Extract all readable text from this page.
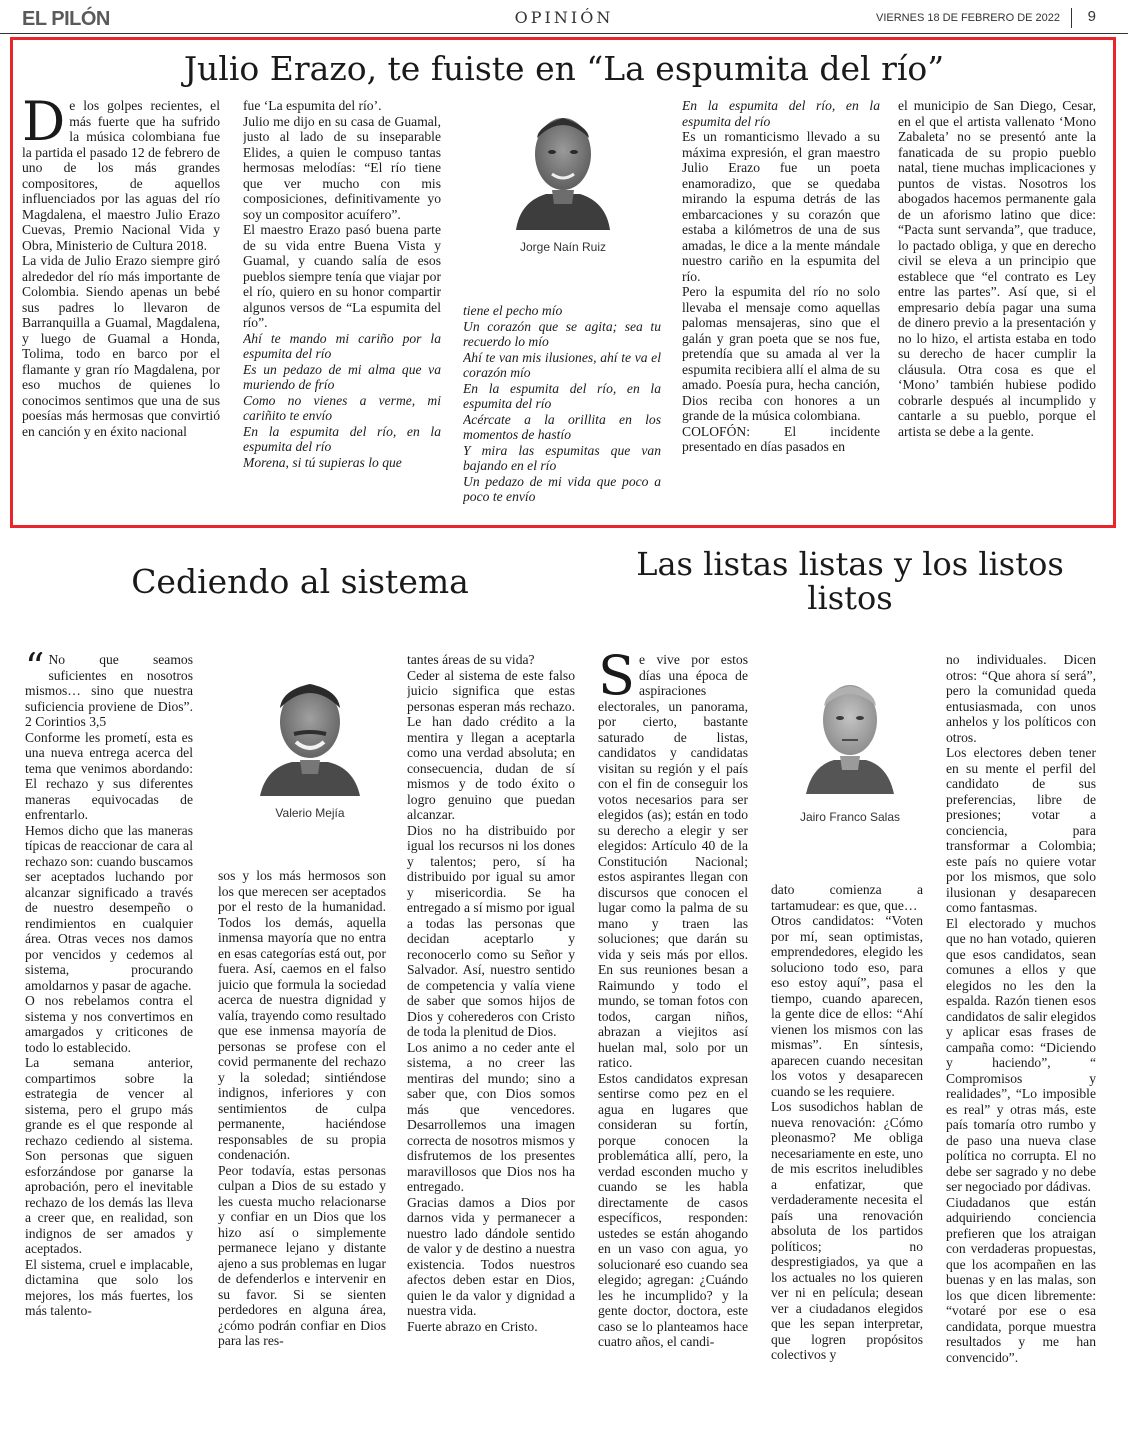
EL PILÓN	OPINIÓN	VIERNES 18 DE FEBRERO DE 2022 9
Julio Erazo, te fuiste en “La espumita del río”
D e los golpes recientes, el más fuerte que ha sufrido la música colombiana fue la partida el pasado 12 de febrero de uno de los más grandes compositores, de aquellos influenciados por las aguas del río Magdalena, el maestro Julio Erazo Cuevas, Premio Nacional Vida y Obra, Ministerio de Cultura 2018.

La vida de Julio Erazo siempre giró alrededor del río más importante de Colombia. Siendo apenas un bebé sus padres lo llevaron de Barranquilla a Guamal, Magdalena, y luego de Guamal a Honda, Tolima, todo en barco por el flamante y gran río Magdalena, por eso muchos de quienes lo conocimos sentimos que una de sus poesías más hermosas que convirtió en canción y en éxito nacional

fue ‘La espumita del río’.

Julio me dijo en su casa de Guamal, justo al lado de su inseparable Elides, a quien le compuso tantas hermosas melodías: “El río tiene que ver mucho con mis composiciones, definitivamente yo soy un compositor acuífero”.

El maestro Erazo pasó buena parte de su vida entre Buena Vista y Guamal, y cuando salía de esos pueblos siempre tenía que viajar por el río, quiero en su honor compartir algunos versos de “La espumita del río”.

Ahí te mando mi cariño por la espumita del río

Es un pedazo de mi alma que va muriendo de frío

Como no vienes a verme, mi cariñito te envío

En la espumita del río, en la espumita del río

Morena, si tú supieras lo que

Jorge Naín Ruiz

tiene el pecho mío

Un corazón que se agita; sea tu recuerdo lo mío

Ahí te van mis ilusiones, ahí te va el corazón mío

En la espumita del río, en la espumita del río

Acércate a la orillita en los momentos de hastío

Y mira las espumitas que van bajando en el río

Un pedazo de mi vida que poco a poco te envío

En la espumita del río, en la espumita del río

Es un romanticismo llevado a su máxima expresión, el gran maestro Julio Erazo fue un poeta enamoradizo, que se quedaba mirando la espuma detrás de las embarcaciones y su corazón que estaba a kilómetros de una de sus amadas, le dice a la mente mándale nuestro cariño en la espumita del río.

Pero la espumita del río no solo llevaba el mensaje como aquellas palomas mensajeras, sino que el galán y gran poeta que se nos fue, pretendía que su amada al ver la espumita recibiera allí el alma de su amado. Poesía pura, hecha canción, Dios reciba con honores a un grande de la música colombiana.

COLOFÓN: El incidente presentado en días pasados en

el municipio de San Diego, Cesar, en el que el artista vallenato ‘Mono Zabaleta’ no se presentó ante la fanaticada de su propio pueblo natal, tiene muchas implicaciones y puntos de vistas. Nosotros los abogados hacemos permanente gala de un aforismo latino que dice: “Pacta sunt servanda”, que traduce, lo pactado obliga, y que en derecho civil se eleva a un principio que establece que “el contrato es Ley entre las partes”. Así que, si el empresario debía pagar una suma de dinero previo a la presentación y no lo hizo, el artista estaba en todo su derecho de hacer cumplir la cláusula. Otra cosa es que el ‘Mono’ también hubiese podido cobrarle después al incumplido y cantarle a su pueblo, porque el artista se debe a la gente.

Cediendo al sistema
“ No que seamos suficientes en nosotros mismos… sino que nuestra suficiencia proviene de Dios”. 2 Corintios 3,5

Conforme les prometí, esta es una nueva entrega acerca del tema que venimos abordando: El rechazo y sus diferentes maneras equivocadas de enfrentarlo.

Hemos dicho que las maneras típicas de reaccionar de cara al rechazo son: cuando buscamos ser aceptados luchando por alcanzar significado a través de nuestro desempeño o rendimientos en cualquier área. Otras veces nos damos por vencidos y cedemos al sistema, procurando amoldarnos y pasar de agache.

O nos rebelamos contra el sistema y nos convertimos en amargados y criticones de todo lo establecido.

La semana anterior, compartimos sobre la estrategia de vencer al sistema, pero el grupo más grande es el que responde al rechazo cediendo al sistema. Son personas que siguen esforzándose por ganarse la aprobación, pero el inevitable rechazo de los demás las lleva a creer que, en realidad, son indignos de ser amados y aceptados.

El sistema, cruel e implacable, dictamina que solo los mejores, los más fuertes, los más talento-

Valerio Mejía

sos y los más hermosos son los que merecen ser aceptados por el resto de la humanidad. Todos los demás, aquella inmensa mayoría que no entra en esas categorías está out, por fuera. Así, caemos en el falso juicio que formula la sociedad acerca de nuestra dignidad y valía, trayendo como resultado que ese inmensa mayoría de personas se profese con el covid permanente del rechazo y la soledad; sintiéndose indignos, inferiores y con sentimientos de culpa permanente, haciéndose responsables de su propia condenación.

Peor todavía, estas personas culpan a Dios de su estado y les cuesta mucho relacionarse y confiar en un Dios que los hizo así o simplemente permanece lejano y distante ajeno a sus problemas en lugar de defenderlos e intervenir en su favor. Si se sienten perdedores en alguna área, ¿cómo podrán confiar en Dios para las res-

tantes áreas de su vida?

Ceder al sistema de este falso juicio significa que estas personas esperan más rechazo. Le han dado crédito a la mentira y llegan a aceptarla como una verdad absoluta; en consecuencia, dudan de sí mismos y de todo éxito o logro genuino que puedan alcanzar.

Dios no ha distribuido por igual los recursos ni los dones y talentos; pero, sí ha distribuido por igual su amor y misericordia. Se ha entregado a sí mismo por igual a todas las personas que decidan aceptarlo y reconocerlo como su Señor y Salvador. Así, nuestro sentido de competencia y valía viene de saber que somos hijos de Dios y coherederos con Cristo de toda la plenitud de Dios.

Los animo a no ceder ante el sistema, a no creer las mentiras del mundo; sino a saber que, con Dios somos más que vencedores. Desarrollemos una imagen correcta de nosotros mismos y disfrutemos de los presentes maravillosos que Dios nos ha entregado.

Gracias damos a Dios por darnos vida y permanecer a nuestro lado dándole sentido de valor y de destino a nuestra existencia. Todos nuestros afectos deben estar en Dios, quien le da valor y dignidad a nuestra vida.

Fuerte abrazo en Cristo.

Las listas listas y los listos listos
S e vive por estos días una época de aspiraciones electorales, un panorama, por cierto, bastante saturado de listas, candidatos y candidatas visitan su región y el país con el fin de conseguir los votos necesarios para ser elegidos (as); están en todo su derecho a elegir y ser elegidos: Artículo 40 de la Constitución Nacional; estos aspirantes llegan con discursos que conocen el lugar como la palma de su mano y traen las soluciones; que darán su vida y seis más por ellos. En sus reuniones besan a Raimundo y todo el mundo, se toman fotos con todos, cargan niños, abrazan a viejitos así huelan mal, solo por un ratico.

Estos candidatos expresan sentirse como pez en el agua en lugares que consideran su fortín, porque conocen la problemática allí, pero, la verdad esconden mucho y cuando se les habla directamente de casos específicos, responden: ustedes se están ahogando en un vaso con agua, yo solucionaré eso cuando sea elegido; agregan: ¿Cuándo les he incumplido? y la gente doctor, doctora, este caso se lo planteamos hace cuatro años, el candi-

Jairo Franco Salas

dato comienza a tartamudear: es que, que…

Otros candidatos: “Voten por mí, sean optimistas, emprendedores, elegido les soluciono todo eso, para eso estoy aquí”, pasa el tiempo, cuando aparecen, la gente dice de ellos: “Ahí vienen los mismos con las mismas”. En síntesis, aparecen cuando necesitan los votos y desaparecen cuando se les requiere.

Los susodichos hablan de nueva renovación: ¿Cómo pleonasmo? Me obliga necesariamente en este, uno de mis escritos ineludibles a enfatizar, que verdaderamente necesita el país una renovación absoluta de los partidos políticos; no desprestigiados, ya que a los actuales no los quieren ver ni en película; desean ver a ciudadanos elegidos que les sepan interpretar, que logren propósitos colectivos y

no individuales. Dicen otros: “Que ahora sí será”, pero la comunidad queda entusiasmada, con unos anhelos y los políticos con otros.

Los electores deben tener en su mente el perfil del candidato de sus preferencias, libre de presiones; votar a conciencia, para transformar a Colombia; este país no quiere votar por los mismos, que solo ilusionan y desaparecen como fantasmas.

El electorado y muchos que no han votado, quieren que esos candidatos, sean comunes a ellos y que elegidos no les den la espalda. Razón tienen esos candidatos de salir elegidos y aplicar esas frases de campaña como: “Diciendo y haciendo”, “ Compromisos y realidades”, “Lo imposible es real” y otras más, este país tomaría otro rumbo y de paso una nueva clase política no corrupta. El no debe ser sagrado y no debe ser negociado por dádivas.

Ciudadanos que están adquiriendo conciencia prefieren que los atraigan con verdaderas propuestas, que los acompañen en las buenas y en las malas, son los que dicen libremente: “votaré por ese o esa candidata, porque muestra resultados y me han convencido”.
